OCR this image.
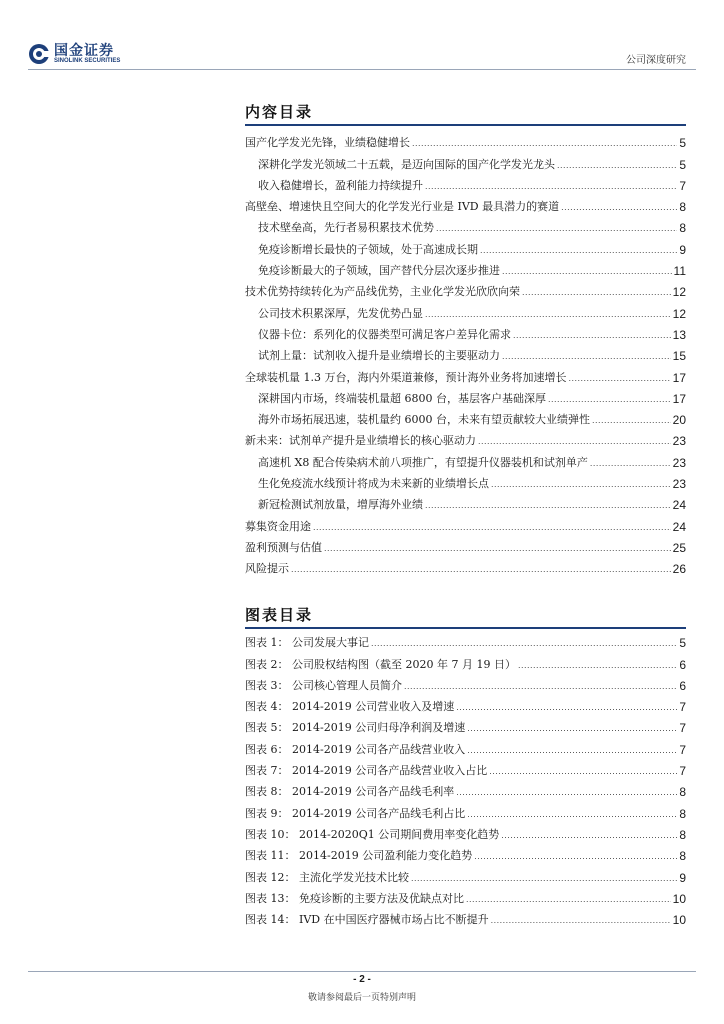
国金证券
SINOLINK SECURITIES	公司深度研究
内容目录
国产化学发光先锋，业绩稳健增长 .....	5
深耕化学发光领域二十五载，是迈向国际的国产化学发光龙头 .....	5
收入稳健增长，盈利能力持续提升 .....	7
高壁垒、增速快且空间大的化学发光行业是 IVD 最具潜力的赛道 .....	8
技术壁垒高，先行者易积累技术优势 .....	8
免疫诊断增长最快的子领域，处于高速成长期 .....	9
免疫诊断最大的子领域，国产替代分层次逐步推进 .....	11
技术优势持续转化为产品线优势，主业化学发光欣欣向荣 .....	12
公司技术积累深厚，先发优势凸显 .....	12
仪器卡位：系列化的仪器类型可满足客户差异化需求 .....	13
试剂上量：试剂收入提升是业绩增长的主要驱动力 .....	15
全球装机量 1.3 万台，海内外渠道兼修，预计海外业务将加速增长 .....	17
深耕国内市场，终端装机量超 6800 台，基层客户基础深厚 .....	17
海外市场拓展迅速，装机量约 6000 台，未来有望贡献较大业绩弹性 .....	20
新未来：试剂单产提升是业绩增长的核心驱动力 .....	23
高速机 X8 配合传染病术前八项推广，有望提升仪器装机和试剂单产 .....	23
生化免疫流水线预计将成为未来新的业绩增长点 .....	23
新冠检测试剂放量，增厚海外业绩 .....	24
募集资金用途 .....	24
盈利预测与估值 .....	25
风险提示 .....	26
图表目录
图表 1： 公司发展大事记 .....	5
图表 2： 公司股权结构图（截至 2020 年 7 月 19 日） .....	6
图表 3： 公司核心管理人员简介 .....	6
图表 4： 2014-2019 公司营业收入及增速 .....	7
图表 5： 2014-2019 公司归母净利润及增速 .....	7
图表 6： 2014-2019 公司各产品线营业收入 .....	7
图表 7： 2014-2019 公司各产品线营业收入占比 .....	7
图表 8： 2014-2019 公司各产品线毛利率 .....	8
图表 9： 2014-2019 公司各产品线毛利占比 .....	8
图表 10： 2014-2020Q1 公司期间费用率变化趋势 .....	8
图表 11： 2014-2019 公司盈利能力变化趋势 .....	8
图表 12： 主流化学发光技术比较 .....	9
图表 13： 免疫诊断的主要方法及优缺点对比 .....	10
图表 14： IVD 在中国医疗器械市场占比不断提升 .....	10
- 2 -
敬请参阅最后一页特别声明
